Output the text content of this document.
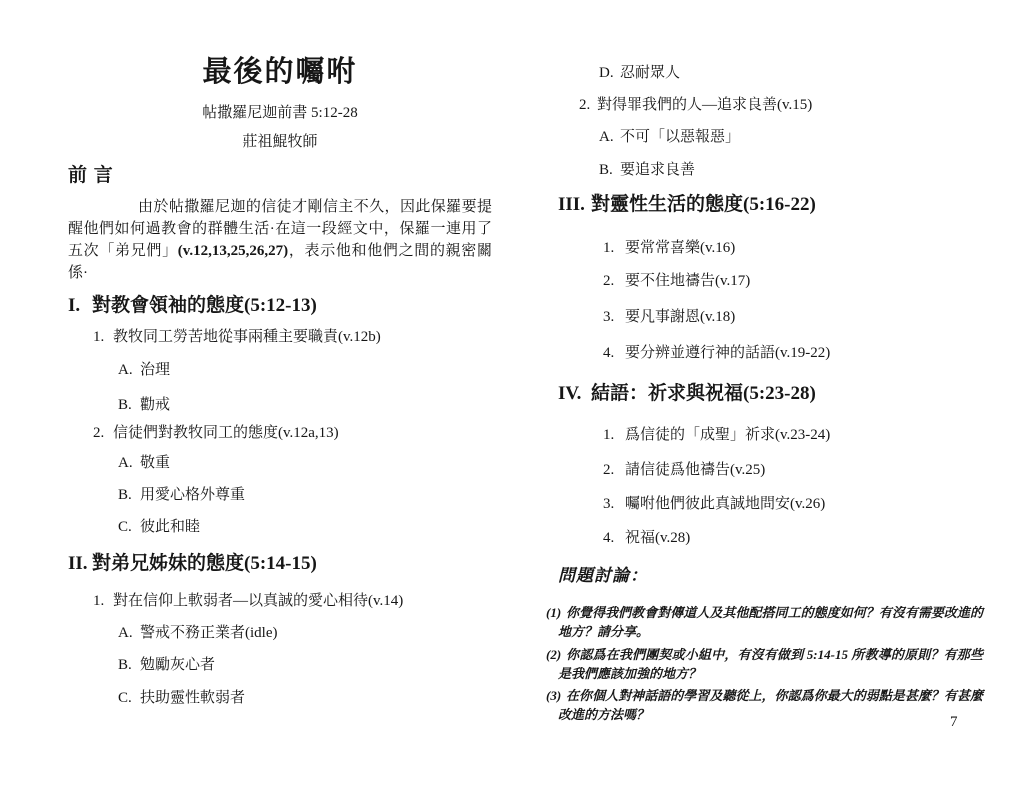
最後的囑咐
帖撒羅尼迦前書 5:12-28
莊祖鯤牧師
前 言

由於帖撒羅尼迦的信徒才剛信主不久，因此保羅要提醒他們如何過教會的群體生活·在這一段經文中，保羅一連用了五次「弟兄們」(v.12,13,25,26,27)，表示他和他們之間的親密關係·

I. 對教會領袖的態度(5:12-13)
1. 教牧同工勞苦地從事兩種主要職責(v.12b)
A. 治理
B. 勸戒
2. 信徒們對教牧同工的態度(v.12a,13)
A. 敬重
B. 用愛心格外尊重
C. 彼此和睦
II. 對弟兄姊妹的態度(5:14-15)
1. 對在信仰上軟弱者—以真誠的愛心相待(v.14)
A. 警戒不務正業者(idle)
B. 勉勵灰心者
C. 扶助靈性軟弱者
D. 忍耐眾人
2. 對得罪我們的人—追求良善(v.15)
A. 不可「以惡報惡」
B. 要追求良善
III. 對靈性生活的態度(5:16-22)
1. 要常常喜樂(v.16)
2. 要不住地禱告(v.17)
3. 要凡事謝恩(v.18)
4. 要分辨並遵行神的話語(v.19-22)
IV. 結語：祈求與祝福(5:23-28)
1. 爲信徒的「成聖」祈求(v.23-24)
2. 請信徒爲他禱告(v.25)
3. 囑咐他們彼此真誠地問安(v.26)
4. 祝福(v.28)
問題討論：
(1) 你覺得我們教會對傳道人及其他配搭同工的態度如何？有沒有需要改進的地方？請分享。
(2) 你認爲在我們團契或小組中，有沒有做到 5:14-15 所教導的原則？有那些是我們應該加強的地方？
(3) 在你個人對神話語的學習及聽從上，你認爲你最大的弱點是甚麼？有甚麼改進的方法嗎？	7
